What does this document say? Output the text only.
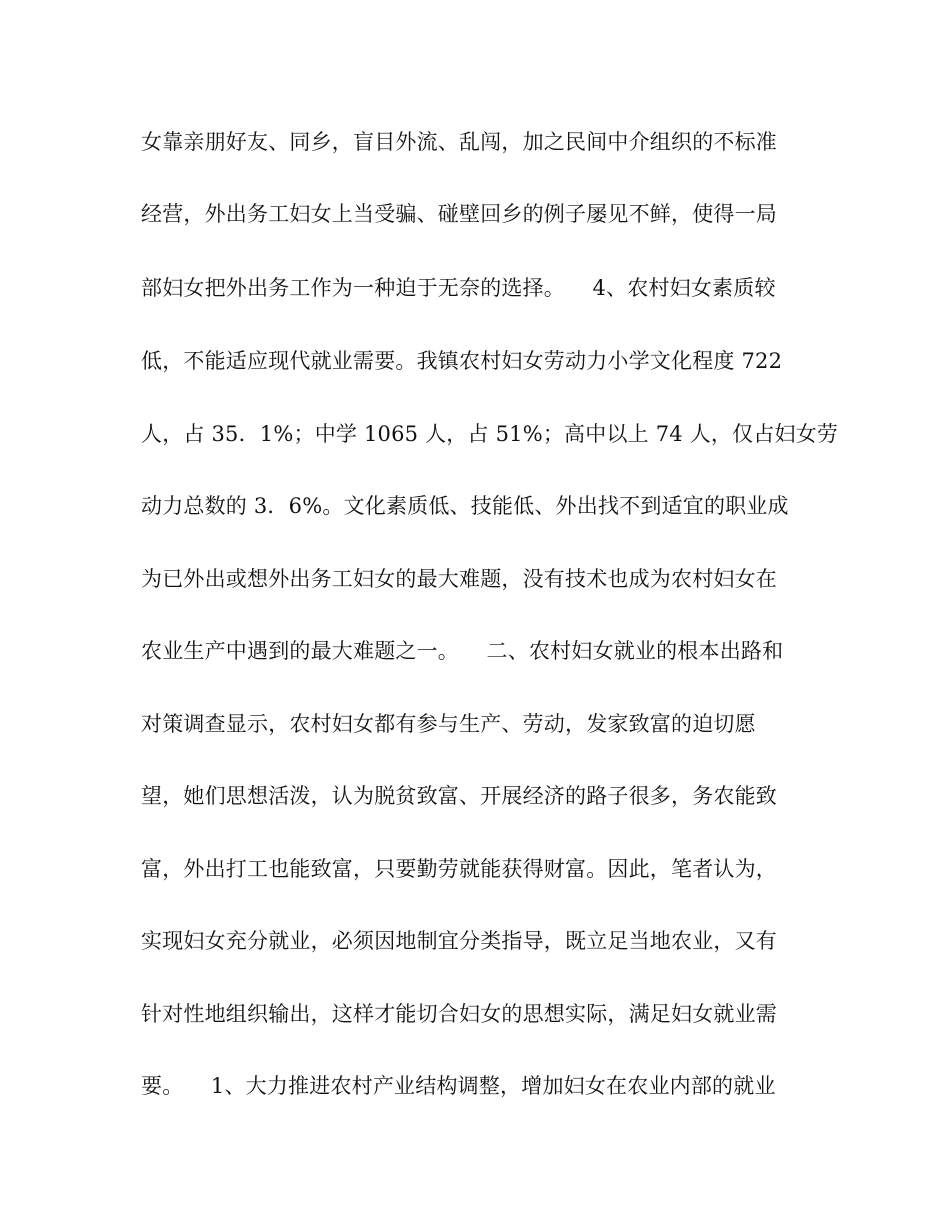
女靠亲朋好友、同乡，盲目外流、乱闯，加之民间中介组织的不标准
经营，外出务工妇女上当受骗、碰壁回乡的例子屡见不鲜，使得一局
部妇女把外出务工作为一种迫于无奈的选择。    4、农村妇女素质较
低，不能适应现代就业需要。我镇农村妇女劳动力小学文化程度 722
人，占 35．1%；中学 1065 人，占 51%；高中以上 74 人，仅占妇女劳
动力总数的 3．6%。文化素质低、技能低、外出找不到适宜的职业成
为已外出或想外出务工妇女的最大难题，没有技术也成为农村妇女在
农业生产中遇到的最大难题之一。    二、农村妇女就业的根本出路和
对策调查显示，农村妇女都有参与生产、劳动，发家致富的迫切愿
望，她们思想活泼，认为脱贫致富、开展经济的路子很多，务农能致
富，外出打工也能致富，只要勤劳就能获得财富。因此，笔者认为，
实现妇女充分就业，必须因地制宜分类指导，既立足当地农业，又有
针对性地组织输出，这样才能切合妇女的思想实际，满足妇女就业需
要。    1、大力推进农村产业结构调整，增加妇女在农业内部的就业
